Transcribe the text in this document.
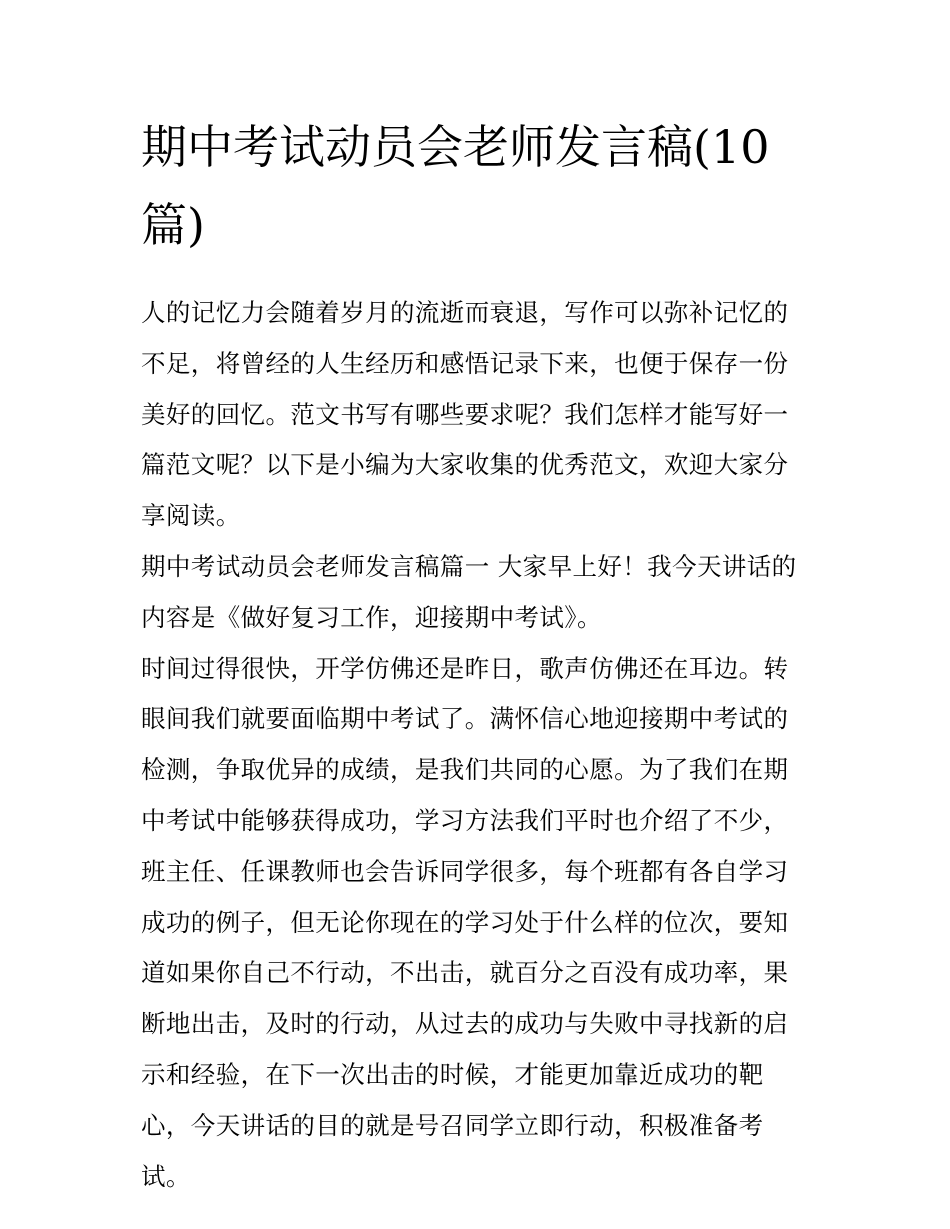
期中考试动员会老师发言稿(10篇)

人的记忆力会随着岁月的流逝而衰退，写作可以弥补记忆的不足，将曾经的人生经历和感悟记录下来，也便于保存一份美好的回忆。范文书写有哪些要求呢？我们怎样才能写好一篇范文呢？以下是小编为大家收集的优秀范文，欢迎大家分享阅读。

期中考试动员会老师发言稿篇一 大家早上好！我今天讲话的内容是《做好复习工作，迎接期中考试》。

时间过得很快，开学仿佛还是昨日，歌声仿佛还在耳边。转眼间我们就要面临期中考试了。满怀信心地迎接期中考试的检测，争取优异的成绩，是我们共同的心愿。为了我们在期中考试中能够获得成功，学习方法我们平时也介绍了不少，班主任、任课教师也会告诉同学很多，每个班都有各自学习成功的例子，但无论你现在的学习处于什么样的位次，要知道如果你自己不行动，不出击，就百分之百没有成功率，果断地出击，及时的行动，从过去的成功与失败中寻找新的启示和经验，在下一次出击的时候，才能更加靠近成功的靶心，今天讲话的目的就是号召同学立即行动，积极准备考试。
